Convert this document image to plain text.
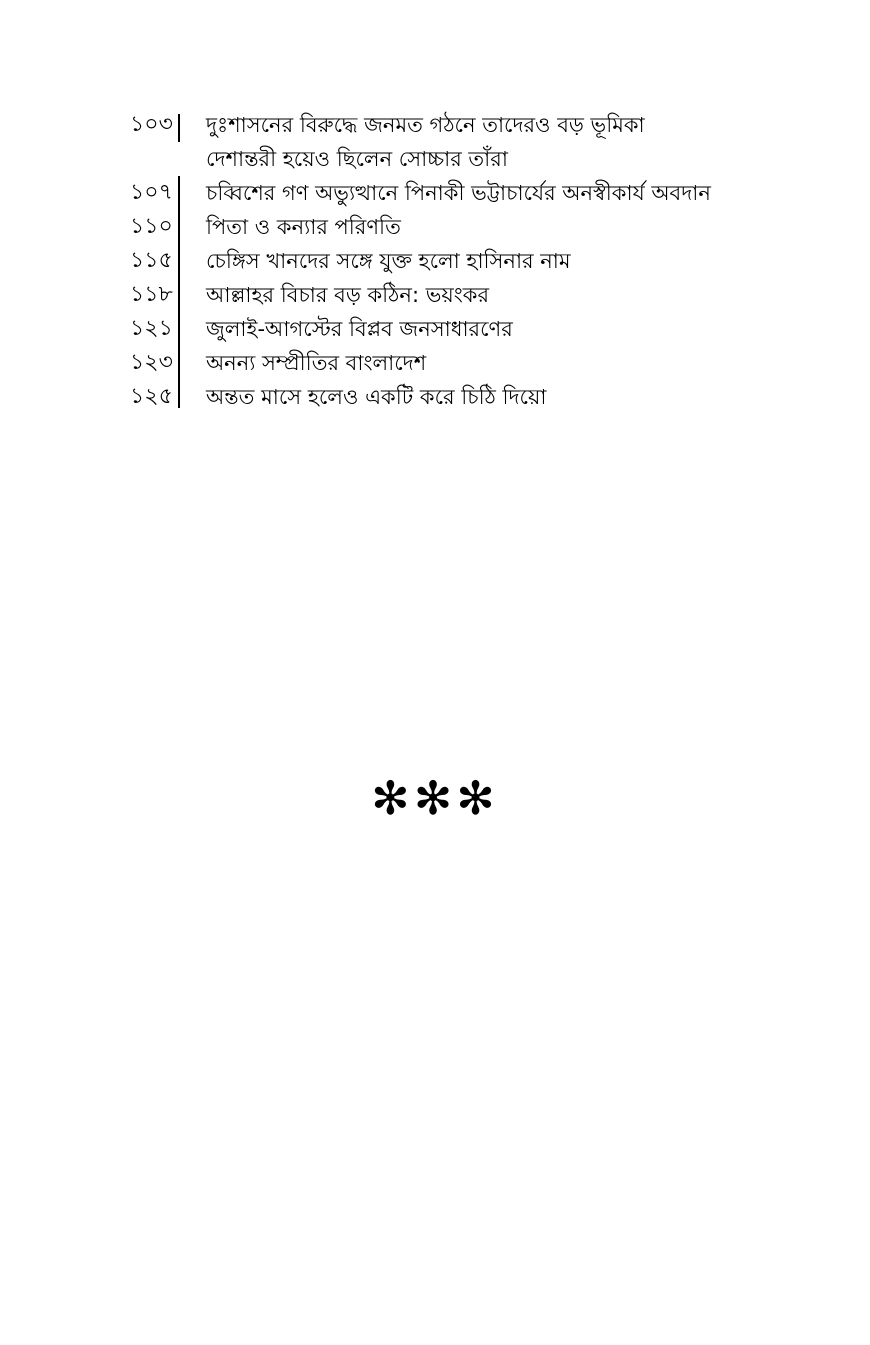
১০৩ দুঃশাসনের বিরুদ্ধে জনমত গঠনে তাদেরও বড় ভূমিকা
দেশান্তরী হয়েও ছিলেন সোচ্চার তাঁরা
১০৭ চব্বিশের গণ অভ্যুত্থানে পিনাকী ভট্টাচার্যের অনস্বীকার্য অবদান
১১০ পিতা ও কন্যার পরিণতি
১১৫ চেঙ্গিস খানদের সঙ্গে যুক্ত হলো হাসিনার নাম
১১৮ আল্লাহর বিচার বড় কঠিন: ভয়ংকর
১২১ জুলাই-আগস্টের বিপ্লব জনসাধারণের
১২৩ অনন্য সম্প্রীতির বাংলাদেশ
১২৫ অন্তত মাসে হলেও একটি করে চিঠি দিয়ো
✻✻✻
